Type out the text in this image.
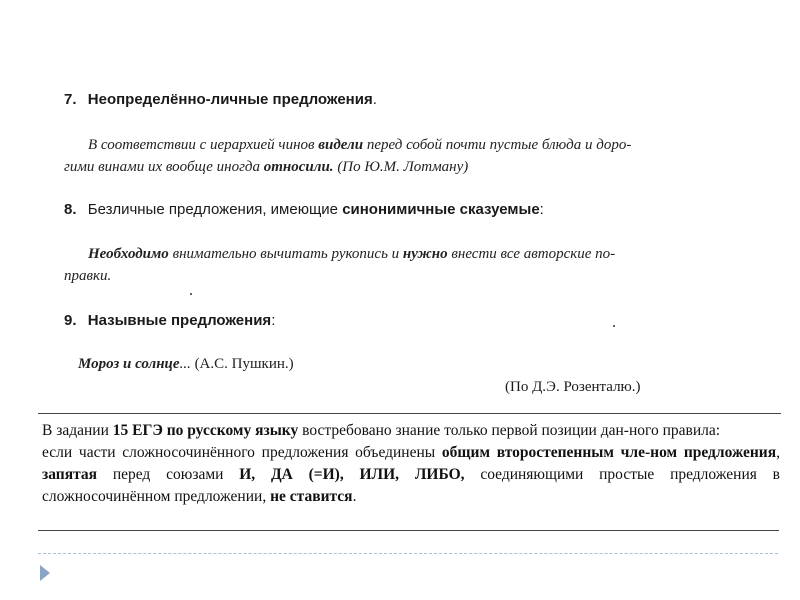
7. Неопределённо-личные предложения.
В соответствии с иерархией чинов видели перед собой почти пустые блюда и доро-
гими винами их вообще иногда относили. (По Ю.М. Лотману)
8. Безличные предложения, имеющие синонимичные сказуемые:
Необходимо внимательно вычитать рукопись и нужно внести все авторские по-
правки.
9. Назывные предложения:
Мороз и солнце... (А.С. Пушкин.)
(По Д.Э. Розенталю.)
В задании 15 ЕГЭ по русскому языку востребовано знание только первой позиции дан-ного правила:
если части сложносочинённого предложения объединены общим второстепенным чле-ном предложения, запятая перед союзами И, ДА (=И), ИЛИ, ЛИБО, соединяющими простые предложения в сложносочинённом предложении, не ставится.
